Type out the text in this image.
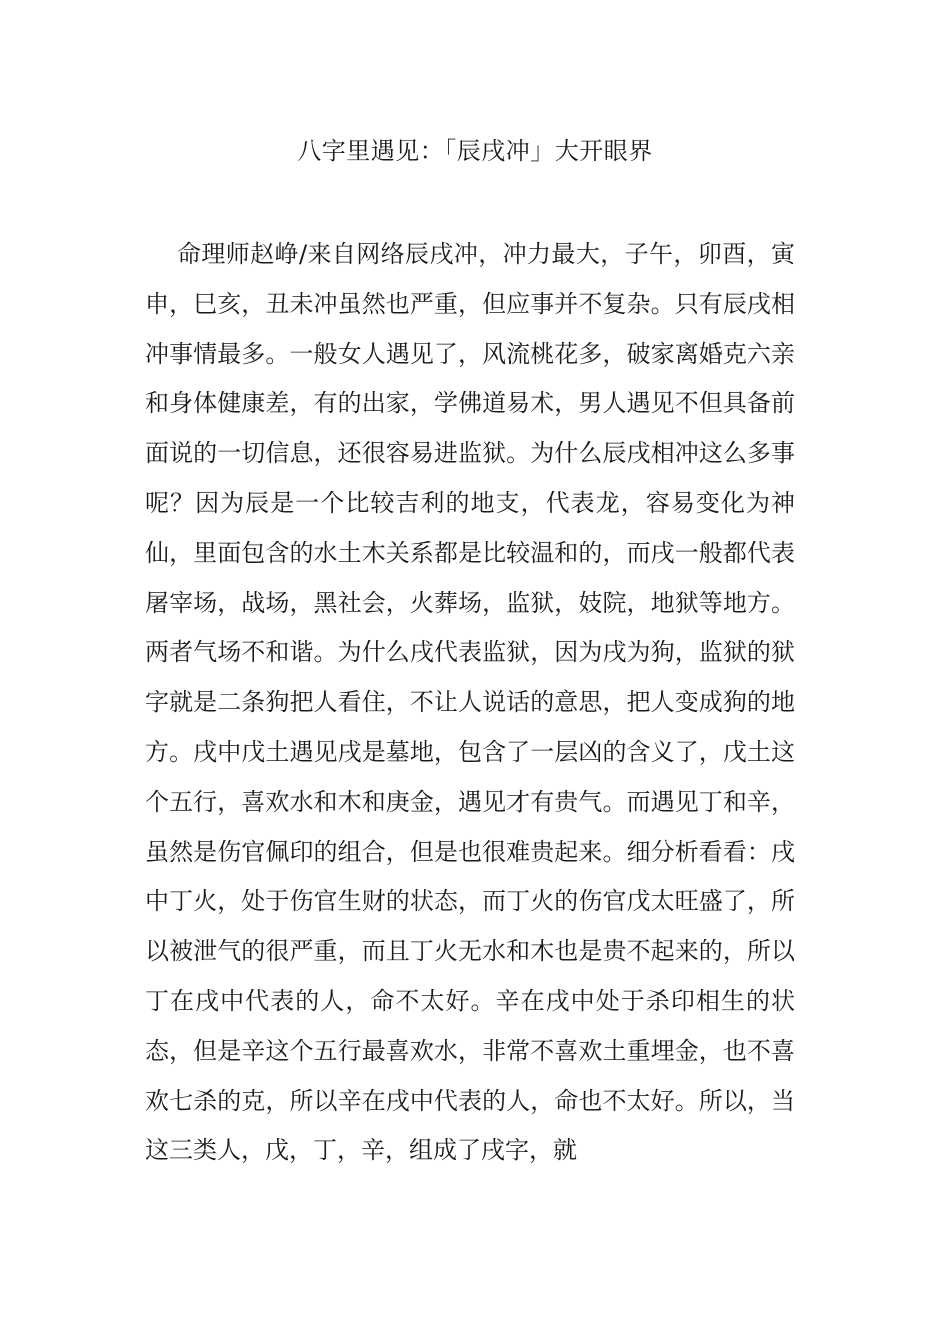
八字里遇见：「辰戌冲」大开眼界

命理师赵峥/来自网络辰戌冲，冲力最大，子午，卯酉，寅申，巳亥，丑未冲虽然也严重，但应事并不复杂。只有辰戌相冲事情最多。一般女人遇见了，风流桃花多，破家离婚克六亲和身体健康差，有的出家，学佛道易术，男人遇见不但具备前面说的一切信息，还很容易进监狱。为什么辰戌相冲这么多事呢？因为辰是一个比较吉利的地支，代表龙，容易变化为神仙，里面包含的水土木关系都是比较温和的，而戌一般都代表屠宰场，战场，黑社会，火葬场，监狱，妓院，地狱等地方。两者气场不和谐。为什么戌代表监狱，因为戌为狗，监狱的狱字就是二条狗把人看住，不让人说话的意思，把人变成狗的地方。戌中戊土遇见戌是墓地，包含了一层凶的含义了，戊土这个五行，喜欢水和木和庚金，遇见才有贵气。而遇见丁和辛，虽然是伤官佩印的组合，但是也很难贵起来。细分析看看：戌中丁火，处于伤官生财的状态，而丁火的伤官戊太旺盛了，所以被泄气的很严重，而且丁火无水和木也是贵不起来的，所以丁在戌中代表的人，命不太好。辛在戌中处于杀印相生的状态，但是辛这个五行最喜欢水，非常不喜欢土重埋金，也不喜欢七杀的克，所以辛在戌中代表的人，命也不太好。所以，当这三类人，戊，丁，辛，组成了戌字，就
